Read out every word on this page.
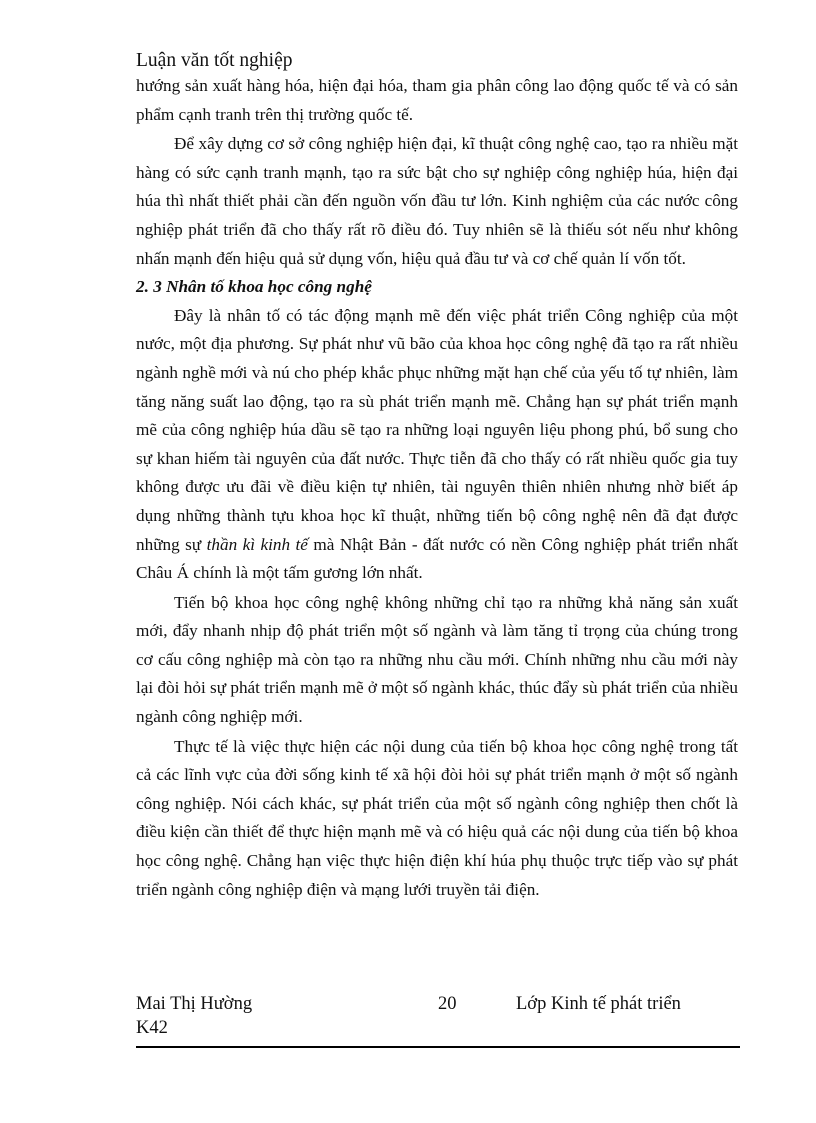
Luận văn tốt nghiệp

hướng sản xuất hàng hóa, hiện đại hóa, tham gia phân công lao động quốc tế và có sản phẩm cạnh tranh trên thị trường quốc tế.

Để xây dựng cơ sở công nghiệp hiện đại, kĩ thuật công nghệ cao, tạo ra nhiều mặt hàng có sức cạnh tranh mạnh, tạo ra sức bật cho sự nghiệp công nghiệp húa, hiện đại húa thì nhất thiết phải cần đến nguồn vốn đầu tư lớn. Kinh nghiệm của các nước công nghiệp phát triển đã cho thấy rất rõ điều đó. Tuy nhiên sẽ là thiếu sót nếu như không nhấn mạnh đến hiệu quả sử dụng vốn, hiệu quả đầu tư và cơ chế quản lí vốn tốt.

2. 3 Nhân tố khoa học công nghệ

Đây là nhân tố có tác động mạnh mẽ đến việc phát triển Công nghiệp của một nước, một địa phương. Sự phát như vũ bão của khoa học công nghệ đã tạo ra rất nhiều ngành nghề mới và nú cho phép khắc phục những mặt hạn chế của yếu tố tự nhiên, làm tăng năng suất lao động, tạo ra sù phát triển mạnh mẽ. Chẳng hạn sự phát triển mạnh mẽ của công nghiệp húa dầu sẽ tạo ra những loại nguyên liệu phong phú, bổ sung cho sự khan hiếm tài nguyên của đất nước. Thực tiễn đã cho thấy có rất nhiều quốc gia tuy không được ưu đãi về điều kiện tự nhiên, tài nguyên thiên nhiên nhưng nhờ biết áp dụng những thành tựu khoa học kĩ thuật, những tiến bộ công nghệ nên đã đạt được những sự thần kì kinh tế mà Nhật Bản - đất nước có nền Công nghiệp phát triển nhất Châu Á chính là một tấm gương lớn nhất.

Tiến bộ khoa học công nghệ không những chỉ tạo ra những khả năng sản xuất mới, đẩy nhanh nhịp độ phát triển một số ngành và làm tăng tỉ trọng của chúng trong cơ cấu công nghiệp mà còn tạo ra những nhu cầu mới. Chính những nhu cầu mới này lại đòi hỏi sự phát triển mạnh mẽ ở một số ngành khác, thúc đẩy sù phát triển của nhiều ngành công nghiệp mới.

Thực tế là việc thực hiện các nội dung của tiến bộ khoa học công nghệ trong tất cả các lĩnh vực của đời sống kinh tế xã hội đòi hỏi sự phát triển mạnh ở một số ngành công nghiệp. Nói cách khác, sự phát triển của một số ngành công nghiệp then chốt là điều kiện cần thiết để thực hiện mạnh mẽ và có hiệu quả các nội dung của tiến bộ khoa học công nghệ. Chẳng hạn việc thực hiện điện khí húa phụ thuộc trực tiếp vào sự phát triển ngành công nghiệp điện và mạng lưới truyền tải điện.

Mai Thị Hường
K42
20	Lớp Kinh tế phát triển
